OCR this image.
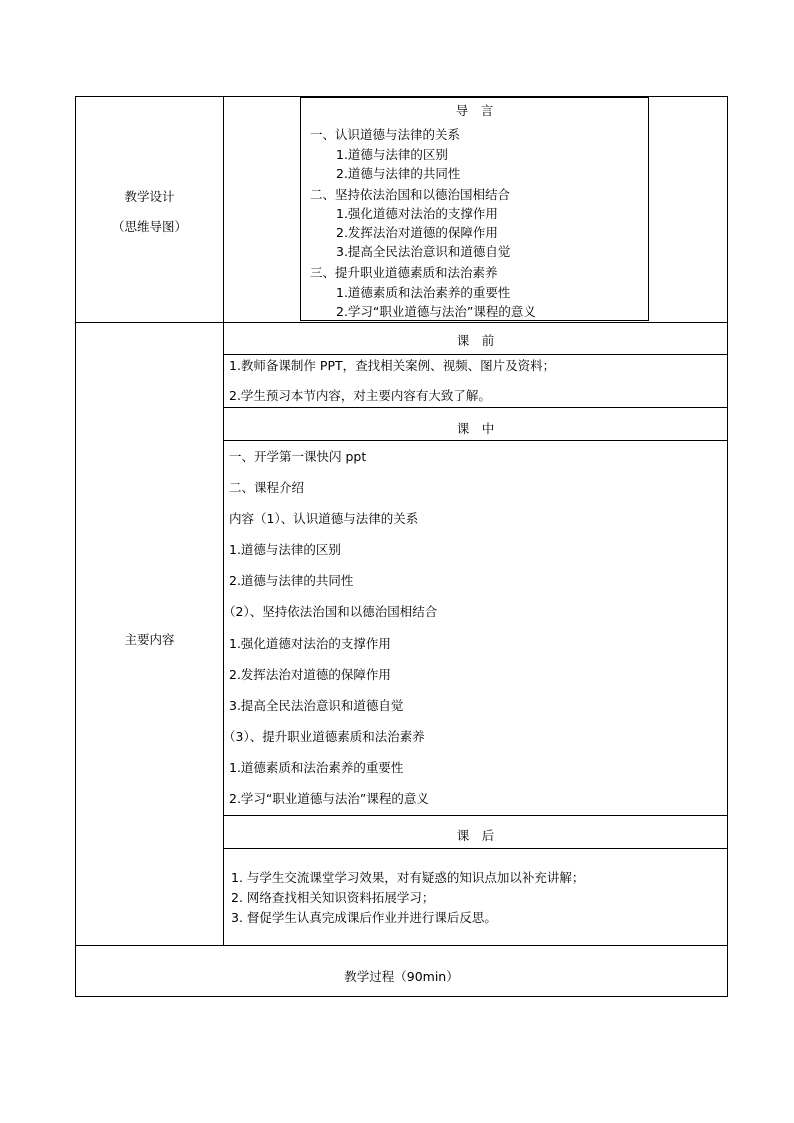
教学设计
（思维导图）
导　言
一、认识道德与法律的关系
1.道德与法律的区别
2.道德与法律的共同性
二、坚持依法治国和以德治国相结合
1.强化道德对法治的支撑作用
2.发挥法治对道德的保障作用
3.提高全民法治意识和道德自觉
三、提升职业道德素质和法治素养
1.道德素质和法治素养的重要性
2.学习“职业道德与法治”课程的意义
主要内容
课　前
1.教师备课制作 PPT，查找相关案例、视频、图片及资料；
2.学生预习本节内容，对主要内容有大致了解。
课　中
一、开学第一课快闪 ppt
二、课程介绍
内容（1）、认识道德与法律的关系
1.道德与法律的区别
2.道德与法律的共同性
（2）、坚持依法治国和以德治国相结合
1.强化道德对法治的支撑作用
2.发挥法治对道德的保障作用
3.提高全民法治意识和道德自觉
（3）、提升职业道德素质和法治素养
1.道德素质和法治素养的重要性
2.学习“职业道德与法治”课程的意义
课　后
1. 与学生交流课堂学习效果，对有疑惑的知识点加以补充讲解；
2. 网络查找相关知识资料拓展学习；
3. 督促学生认真完成课后作业并进行课后反思。
教学过程（90min）
